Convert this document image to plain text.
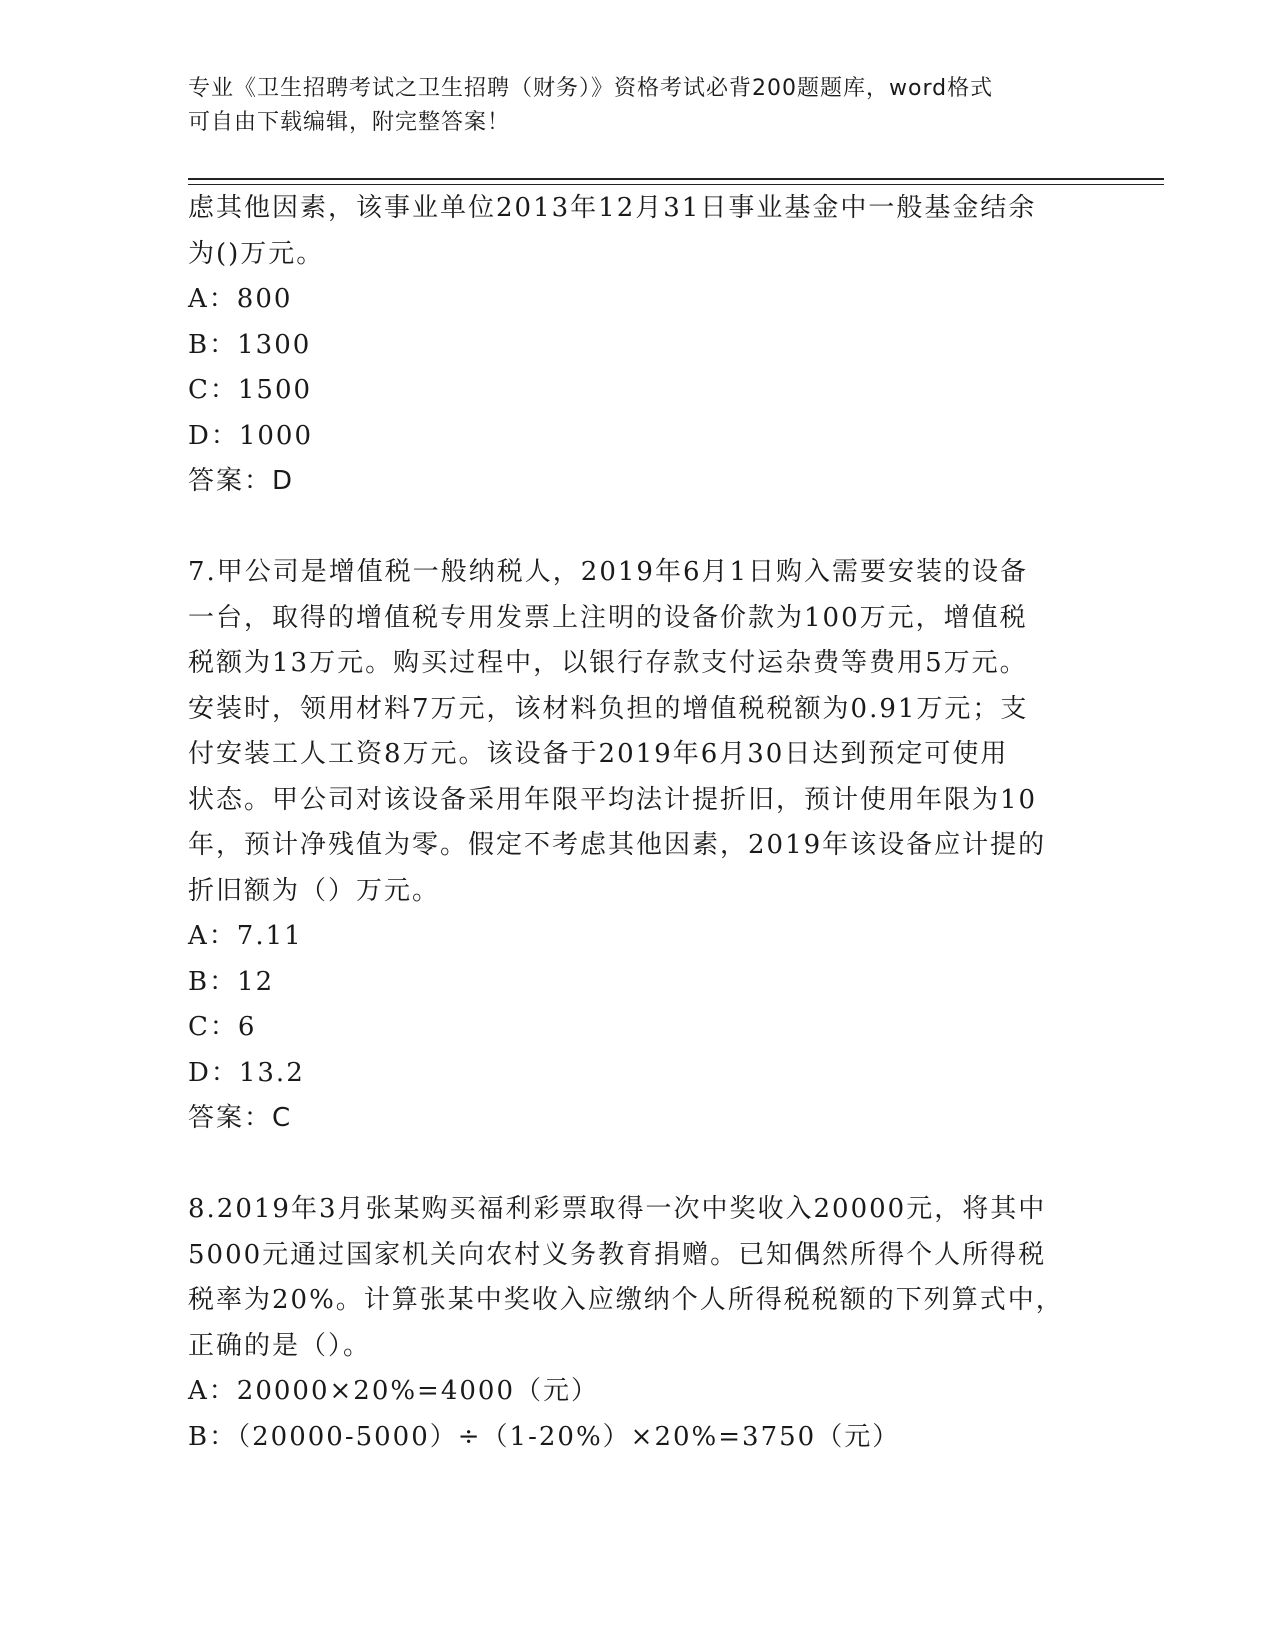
专业《卫生招聘考试之卫生招聘（财务）》资格考试必背200题题库，word格式
可自由下载编辑，附完整答案！

虑其他因素，该事业单位2013年12月31日事业基金中一般基金结余

为()万元。

A：800

B：1300

C：1500

D：1000

答案：D

7.甲公司是增值税一般纳税人，2019年6月1日购入需要安装的设备

一台，取得的增值税专用发票上注明的设备价款为100万元，增值税

税额为13万元。购买过程中，以银行存款支付运杂费等费用5万元。

安装时，领用材料7万元，该材料负担的增值税税额为0.91万元；支

付安装工人工资8万元。该设备于2019年6月30日达到预定可使用

状态。甲公司对该设备采用年限平均法计提折旧，预计使用年限为10

年，预计净残值为零。假定不考虑其他因素，2019年该设备应计提的

折旧额为（）万元。

A：7.11

B：12

C：6

D：13.2

答案：C

8.2019年3月张某购买福利彩票取得一次中奖收入20000元，将其中

5000元通过国家机关向农村义务教育捐赠。已知偶然所得个人所得税

税率为20%。计算张某中奖收入应缴纳个人所得税税额的下列算式中，

正确的是（）。

A：20000×20%=4000（元）

B：（20000-5000）÷（1-20%）×20%=3750（元）
